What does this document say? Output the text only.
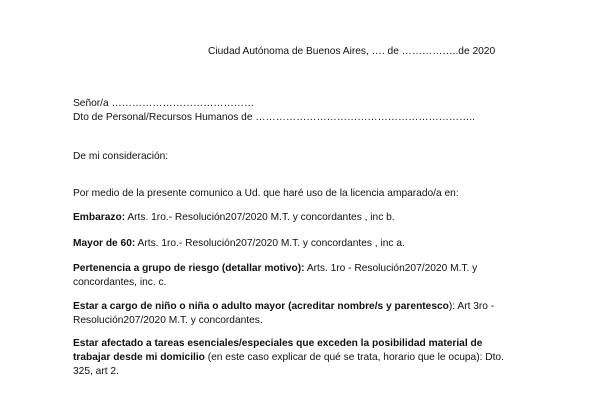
Ciudad Autónoma de Buenos Aires, …. de ……………..de 2020
Señor/a ……………………………………
Dto de Personal/Recursos Humanos de ………………………………………………………..
De mi consideración:
Por medio de la presente comunico a Ud. que haré uso de la licencia amparado/a en:
Embarazo: Arts. 1ro.- Resolución207/2020 M.T. y concordantes , inc b.
Mayor de 60: Arts. 1ro.- Resolución207/2020 M.T. y concordantes , inc a.
Pertenencia a grupo de riesgo (detallar motivo): Arts. 1ro - Resolución207/2020 M.T. y concordantes, inc. c.
Estar a cargo de niño o niña o adulto mayor (acreditar nombre/s y parentesco): Art 3ro - Resolución207/2020 M.T. y concordantes.
Estar afectado a tareas esenciales/especiales que exceden la posibilidad material de trabajar desde mi domicilio (en este caso explicar de qué se trata, horario que le ocupa): Dto. 325, art 2.
